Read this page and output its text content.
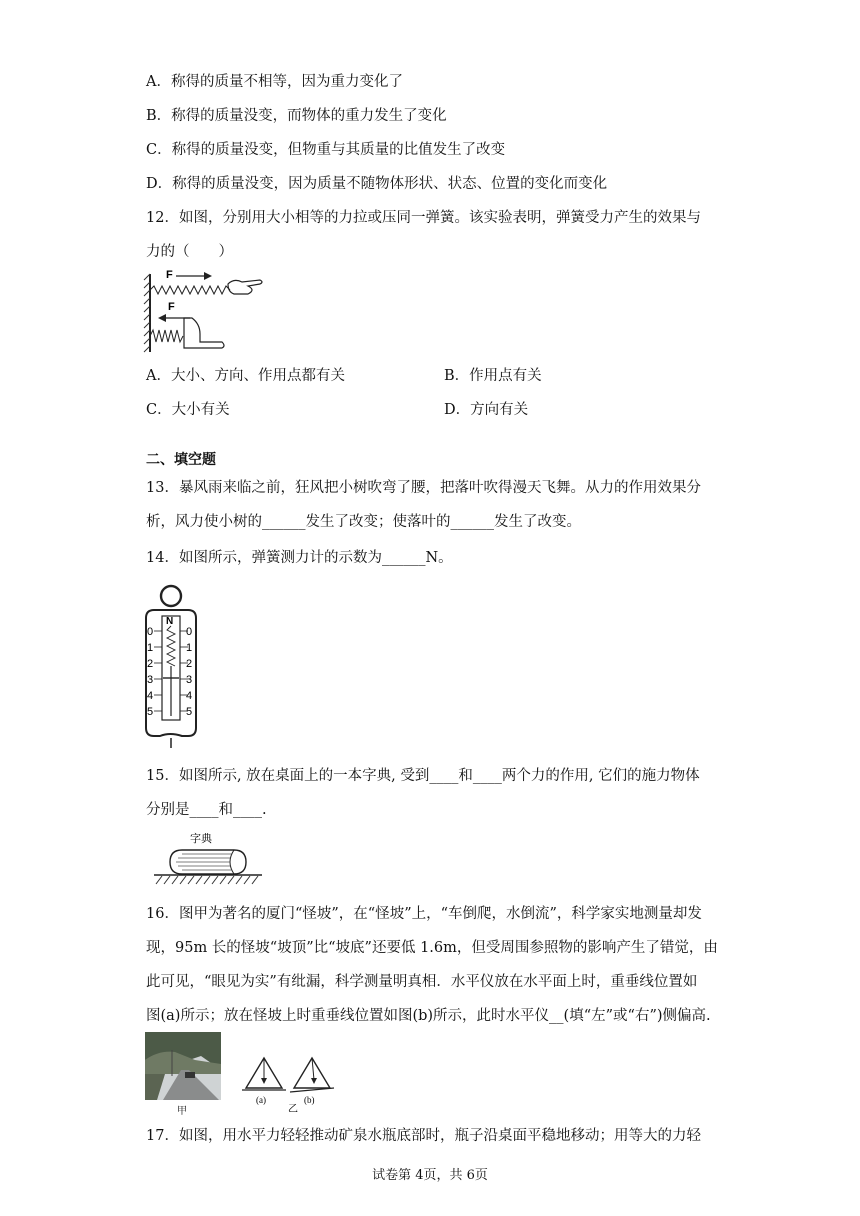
A．称得的质量不相等，因为重力变化了
B．称得的质量没变，而物体的重力发生了变化
C．称得的质量没变，但物重与其质量的比值发生了改变
D．称得的质量没变，因为质量不随物体形状、状态、位置的变化而变化
12．如图，分别用大小相等的力拉或压同一弹簧。该实验表明，弹簧受力产生的效果与
力的（　　）
F
F
A．大小、方向、作用点都有关	B．作用点有关
C．大小有关	D．方向有关
二、填空题
13．暴风雨来临之前，狂风把小树吹弯了腰，把落叶吹得漫天飞舞。从力的作用效果分
析，风力使小树的______发生了改变；使落叶的______发生了改变。
14．如图所示，弹簧测力计的示数为______N。
N
0
1
2
3
4
5
0
1
2
3
4
5
15．如图所示, 放在桌面上的一本字典, 受到____和____两个力的作用, 它们的施力物体
分别是____和____.
字典
16．图甲为著名的厦门“怪坡”，在“怪坡”上，“车倒爬，水倒流”，科学家实地测量却发
现，95m 长的怪坡“坡顶”比“坡底”还要低 1.6m，但受周围参照物的影响产生了错觉，由
此可见，“眼见为实”有纰漏，科学测量明真相．水平仪放在水平面上时，重垂线位置如
图(a)所示；放在怪坡上时重垂线位置如图(b)所示，此时水平仪__(填“左”或“右”)侧偏高.
甲
(a)	(b)
乙
17．如图，用水平力轻轻推动矿泉水瓶底部时，瓶子沿桌面平稳地移动；用等大的力轻
试卷第 4页，共 6页
